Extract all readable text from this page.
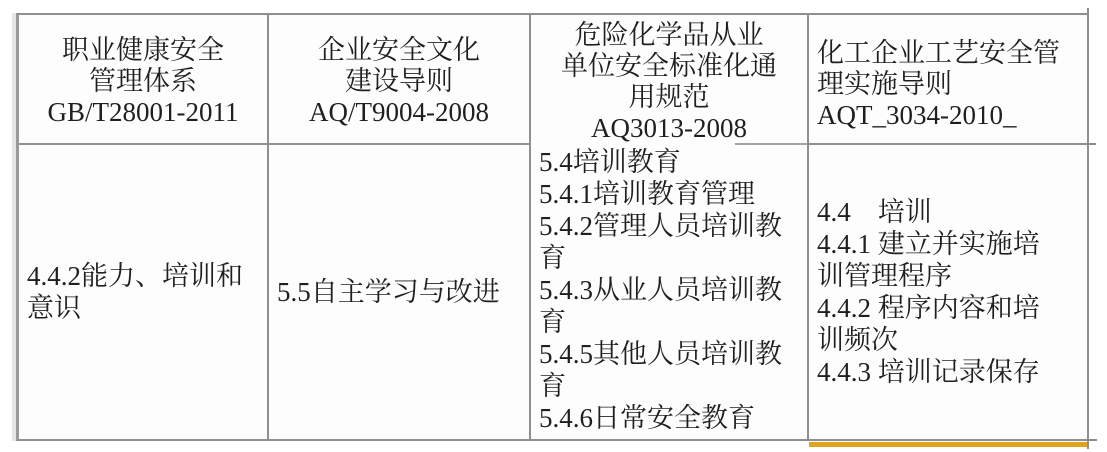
职业健康安全
管理体系
GB/T28001-2011
企业安全文化
建设导则
AQ/T9004-2008
危险化学品从业
单位安全标准化通
用规范
AQ3013-2008
化工企业工艺安全管
理实施导则
AQT_3034-2010_
4.4.2能力、培训和意识
5.5自主学习与改进
5.4培训教育
5.4.1培训教育管理
5.4.2管理人员培训教育
5.4.3从业人员培训教育
5.4.5其他人员培训教育
5.4.6日常安全教育
4.4　培训
4.4.1 建立并实施培训管理程序
4.4.2 程序内容和培训频次
4.4.3 培训记录保存
